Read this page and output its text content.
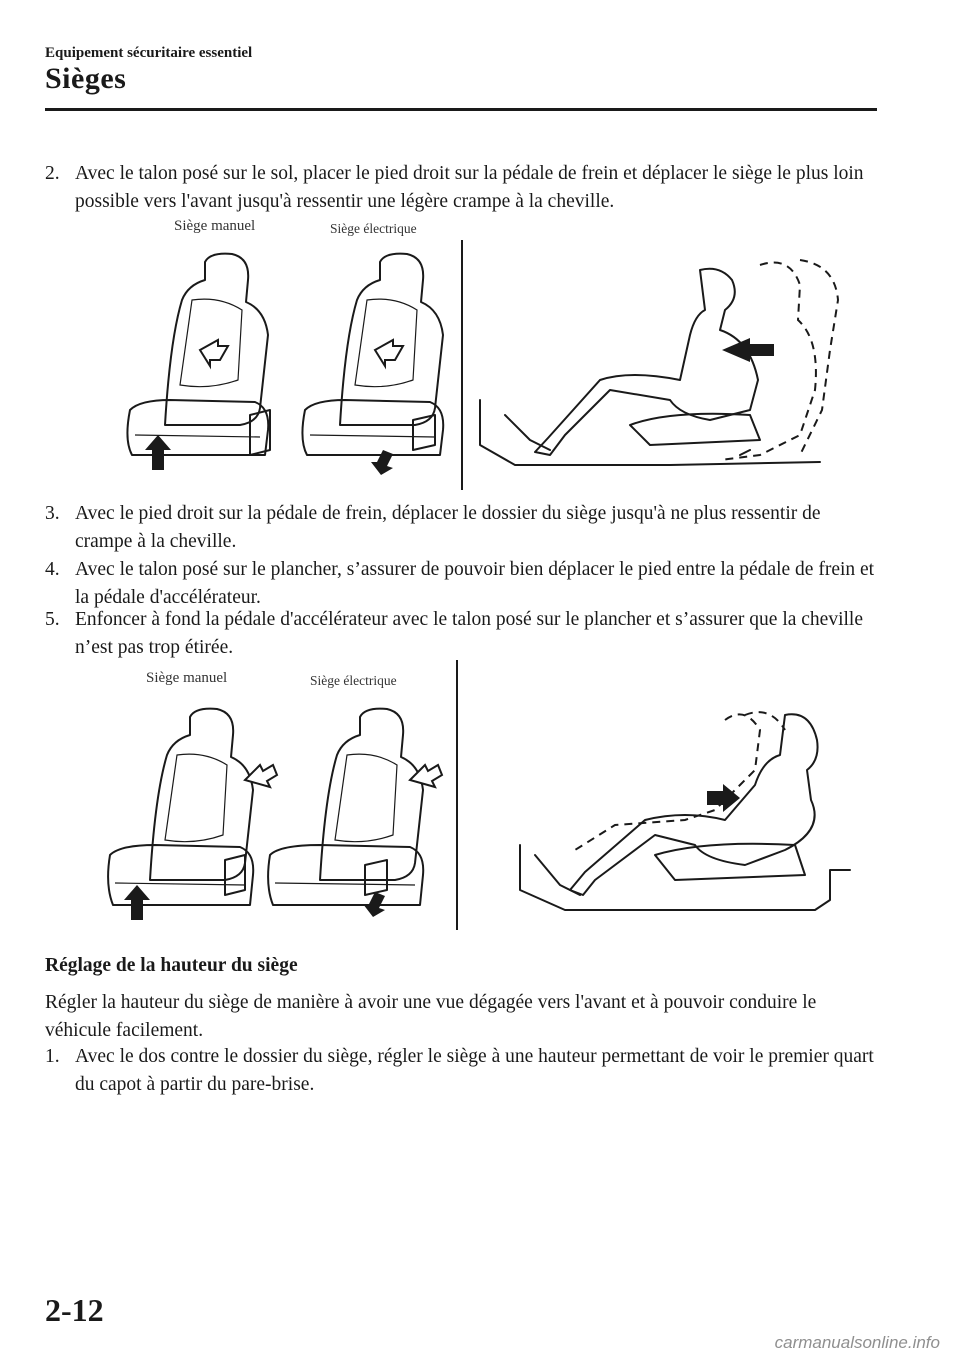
Equipement sécuritaire essentiel
Sièges
2. Avec le talon posé sur le sol, placer le pied droit sur la pédale de frein et déplacer le siège le plus loin possible vers l'avant jusqu'à ressentir une légère crampe à la cheville.
Siège manuel	Siège électrique
3. Avec le pied droit sur la pédale de frein, déplacer le dossier du siège jusqu'à ne plus ressentir de crampe à la cheville.
4. Avec le talon posé sur le plancher, s’assurer de pouvoir bien déplacer le pied entre la pédale de frein et la pédale d'accélérateur.
5. Enfoncer à fond la pédale d'accélérateur avec le talon posé sur le plancher et s’assurer que la cheville n’est pas trop étirée.
Siège manuel	Siège électrique
Réglage de la hauteur du siège
Régler la hauteur du siège de manière à avoir une vue dégagée vers l'avant et à pouvoir conduire le véhicule facilement.
1. Avec le dos contre le dossier du siège, régler le siège à une hauteur permettant de voir le premier quart du capot à partir du pare-brise.
2-12
carmanualsonline.info
